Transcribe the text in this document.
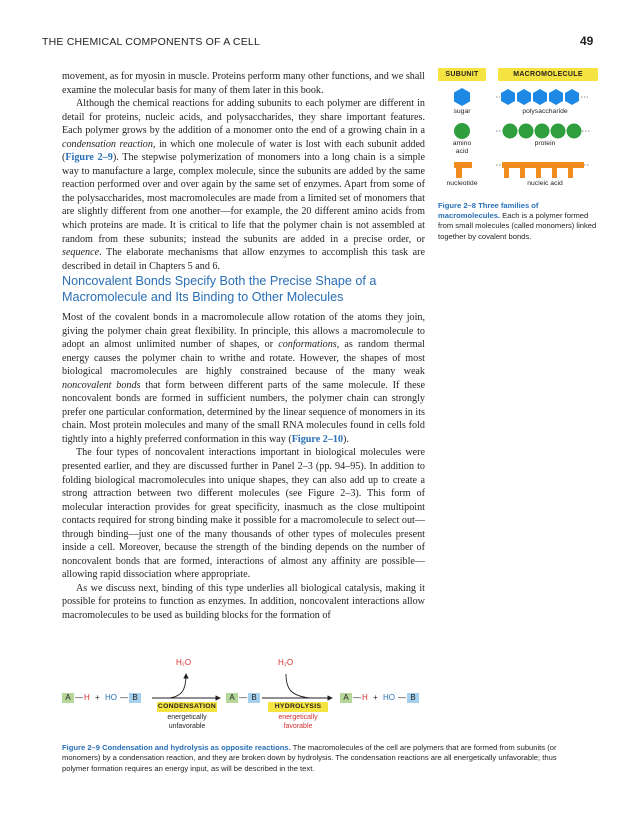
THE CHEMICAL COMPONENTS OF A CELL	49

movement, as for myosin in muscle. Proteins perform many other functions, and we shall examine the molecular basis for many of them later in this book.

Although the chemical reactions for adding subunits to each polymer are different in detail for proteins, nucleic acids, and polysaccharides, they share important features. Each polymer grows by the addition of a monomer onto the end of a growing chain in a condensation reaction, in which one molecule of water is lost with each subunit added (Figure 2–9). The stepwise polymerization of monomers into a long chain is a simple way to manufacture a large, complex molecule, since the subunits are added by the same reaction performed over and over again by the same set of enzymes. Apart from some of the polysaccharides, most macromolecules are made from a limited set of monomers that are slightly different from one another—for example, the 20 different amino acids from which proteins are made. It is critical to life that the polymer chain is not assembled at random from these subunits; instead the subunits are added in a precise order, or sequence. The elaborate mechanisms that allow enzymes to accomplish this task are described in detail in Chapters 5 and 6.

Noncovalent Bonds Specify Both the Precise Shape of a
Macromolecule and Its Binding to Other Molecules

Most of the covalent bonds in a macromolecule allow rotation of the atoms they join, giving the polymer chain great flexibility. In principle, this allows a macromolecule to adopt an almost unlimited number of shapes, or conformations, as random thermal energy causes the polymer chain to writhe and rotate. However, the shapes of most biological macromolecules are highly constrained because of the many weak noncovalent bonds that form between different parts of the same molecule. If these noncovalent bonds are formed in sufficient numbers, the polymer chain can strongly prefer one particular conformation, determined by the linear sequence of monomers in its chain. Most protein molecules and many of the small RNA molecules found in cells fold tightly into a highly preferred conformation in this way (Figure 2–10).

The four types of noncovalent interactions important in biological molecules were presented earlier, and they are discussed further in Panel 2–3 (pp. 94–95). In addition to folding biological macromolecules into unique shapes, they can also add up to create a strong attraction between two different molecules (see Figure 2–3). This form of molecular interaction provides for great specificity, inasmuch as the close multipoint contacts required for strong binding make it possible for a macromolecule to select out—through binding—just one of the many thousands of other types of molecules present inside a cell. Moreover, because the strength of the binding depends on the number of noncovalent bonds that are formed, interactions of almost any affinity are possible—allowing rapid dissociation where appropriate.

As we discuss next, binding of this type underlies all biological catalysis, making it possible for proteins to function as enzymes. In addition, noncovalent interactions allow macromolecules to be used as building blocks for the formation of

SUBUNIT	MACROMOLECULE
sugar	polysaccharide
amino
acid
protein
nucleotide	nucleic acid
Figure 2–8 Three families of macromolecules. Each is a polymer formed from small molecules (called monomers) linked together by covalent bonds.
H₂O	H₂O
A — H + HO — B	A — B	A — H + HO — B
CONDENSATION	HYDROLYSIS
energetically
unfavorable
energetically
favorable
Figure 2–9 Condensation and hydrolysis as opposite reactions. The macromolecules of the cell are polymers that are formed from subunits (or monomers) by a condensation reaction, and they are broken down by hydrolysis. The condensation reactions are all energetically unfavorable; thus polymer formation requires an energy input, as will be described in the text.
